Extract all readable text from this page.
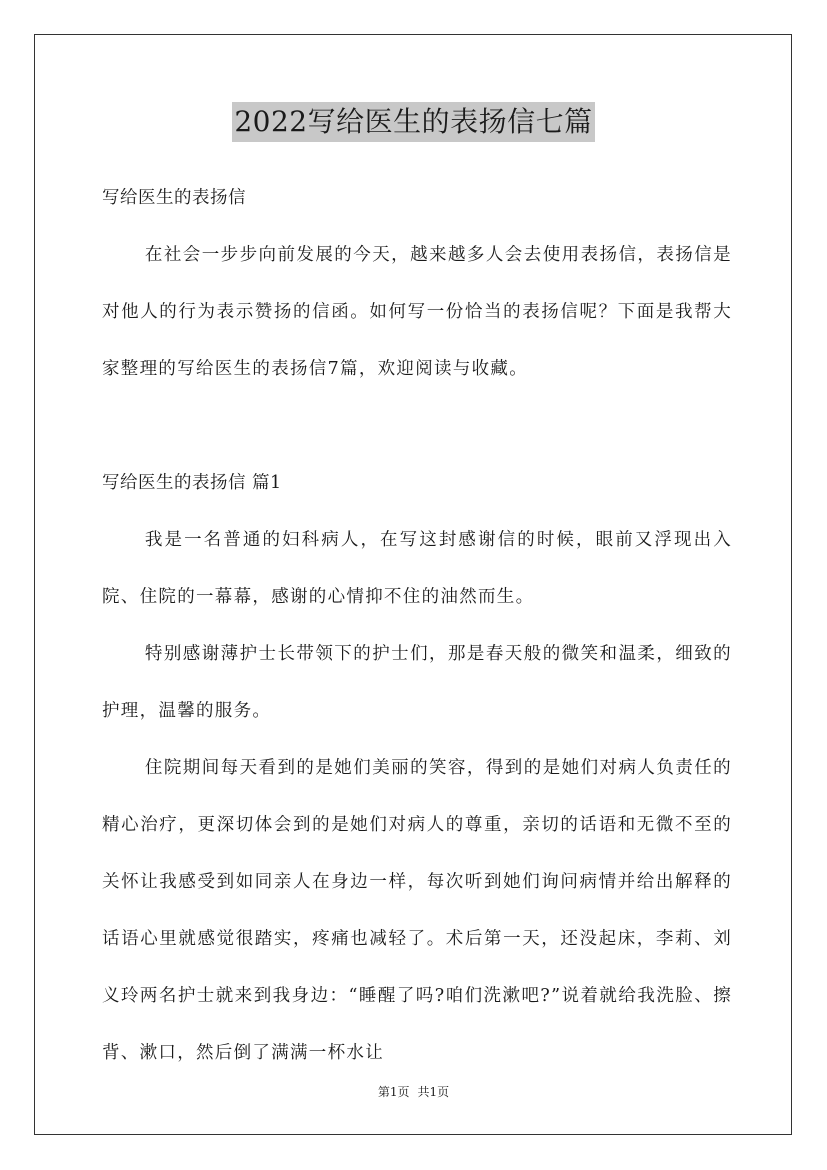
2022写给医生的表扬信七篇

写给医生的表扬信

在社会一步步向前发展的今天，越来越多人会去使用表扬信，表扬信是对他人的行为表示赞扬的信函。如何写一份恰当的表扬信呢？下面是我帮大家整理的写给医生的表扬信7篇，欢迎阅读与收藏。

写给医生的表扬信 篇1

我是一名普通的妇科病人，在写这封感谢信的时候，眼前又浮现出入院、住院的一幕幕，感谢的心情抑不住的油然而生。

特别感谢薄护士长带领下的护士们，那是春天般的微笑和温柔，细致的护理，温馨的服务。

住院期间每天看到的是她们美丽的笑容，得到的是她们对病人负责任的精心治疗，更深切体会到的是她们对病人的尊重，亲切的话语和无微不至的关怀让我感受到如同亲人在身边一样，每次听到她们询问病情并给出解释的话语心里就感觉很踏实，疼痛也减轻了。术后第一天，还没起床，李莉、刘义玲两名护士就来到我身边：“睡醒了吗?咱们洗漱吧?”说着就给我洗脸、擦背、漱口，然后倒了满满一杯水让

第1页 共1页
